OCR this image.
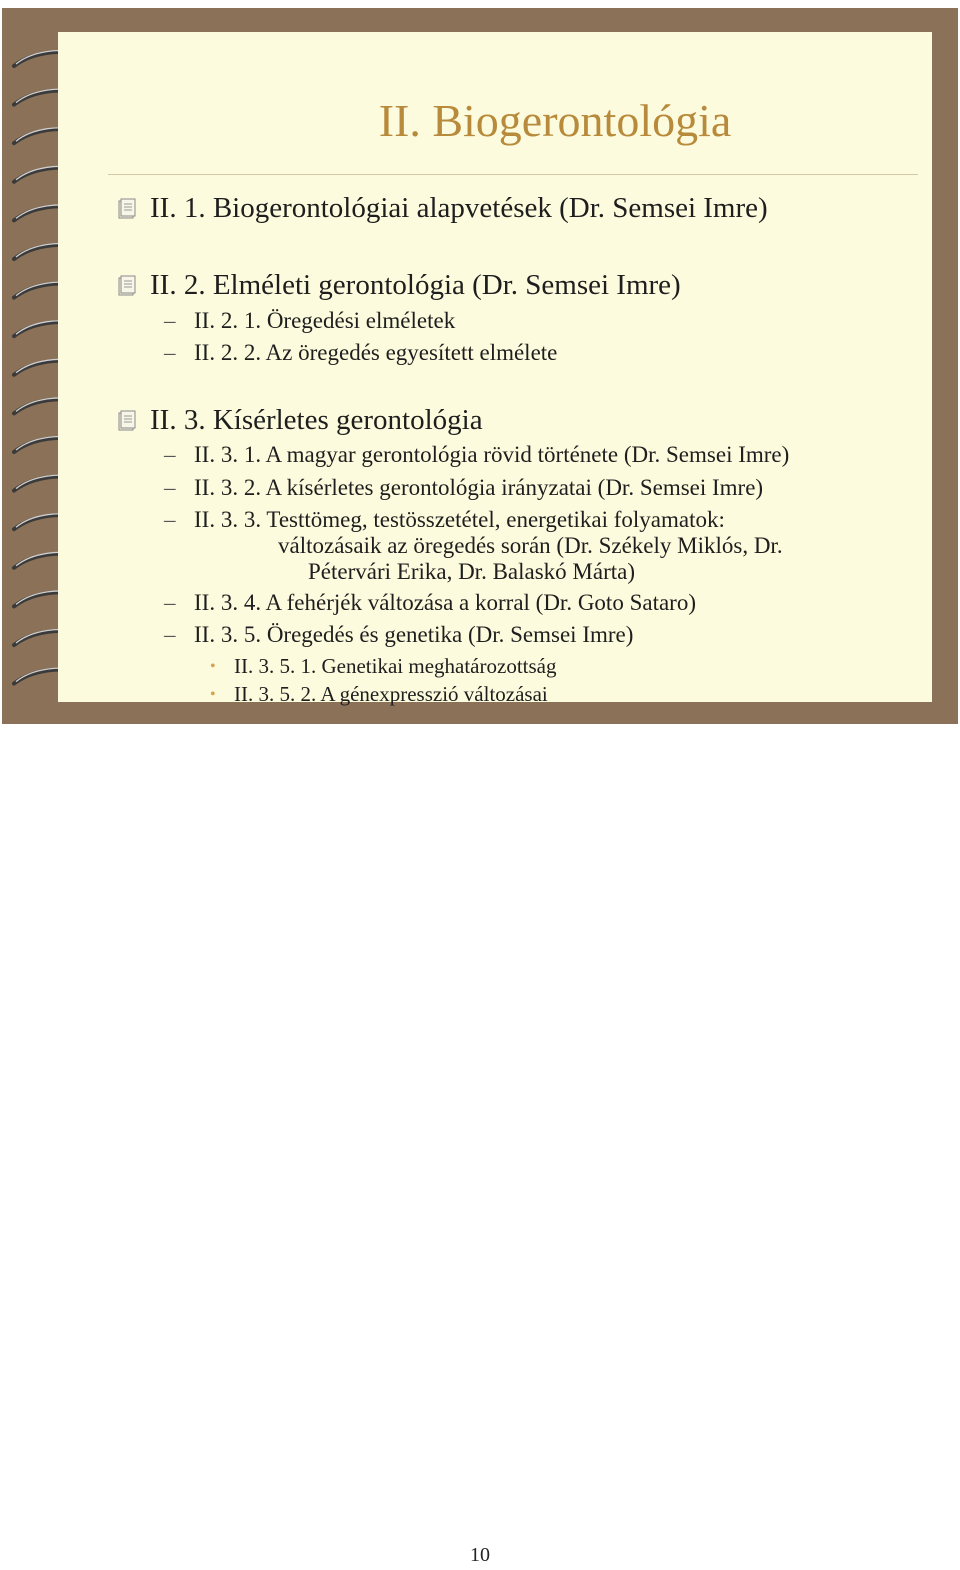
II. Biogerontológia
II. 1. Biogerontológiai alapvetések (Dr. Semsei Imre)
II. 2. Elméleti gerontológia (Dr. Semsei Imre)
– II. 2. 1. Öregedési elméletek
– II. 2. 2. Az öregedés egyesített elmélete
II. 3. Kísérletes gerontológia
– II. 3. 1. A magyar gerontológia rövid története (Dr. Semsei Imre)
– II. 3. 2. A kísérletes gerontológia irányzatai (Dr. Semsei Imre)
– II. 3. 3. Testtömeg, testösszetétel, energetikai folyamatok:
változásaik az öregedés során (Dr. Székely Miklós, Dr.
Pétervári Erika, Dr. Balaskó Márta)
– II. 3. 4. A fehérjék változása a korral (Dr. Goto Sataro)
– II. 3. 5. Öregedés és genetika (Dr. Semsei Imre)
• II. 3. 5. 1. Genetikai meghatározottság
• II. 3. 5. 2. A génexpresszió változásai
10
